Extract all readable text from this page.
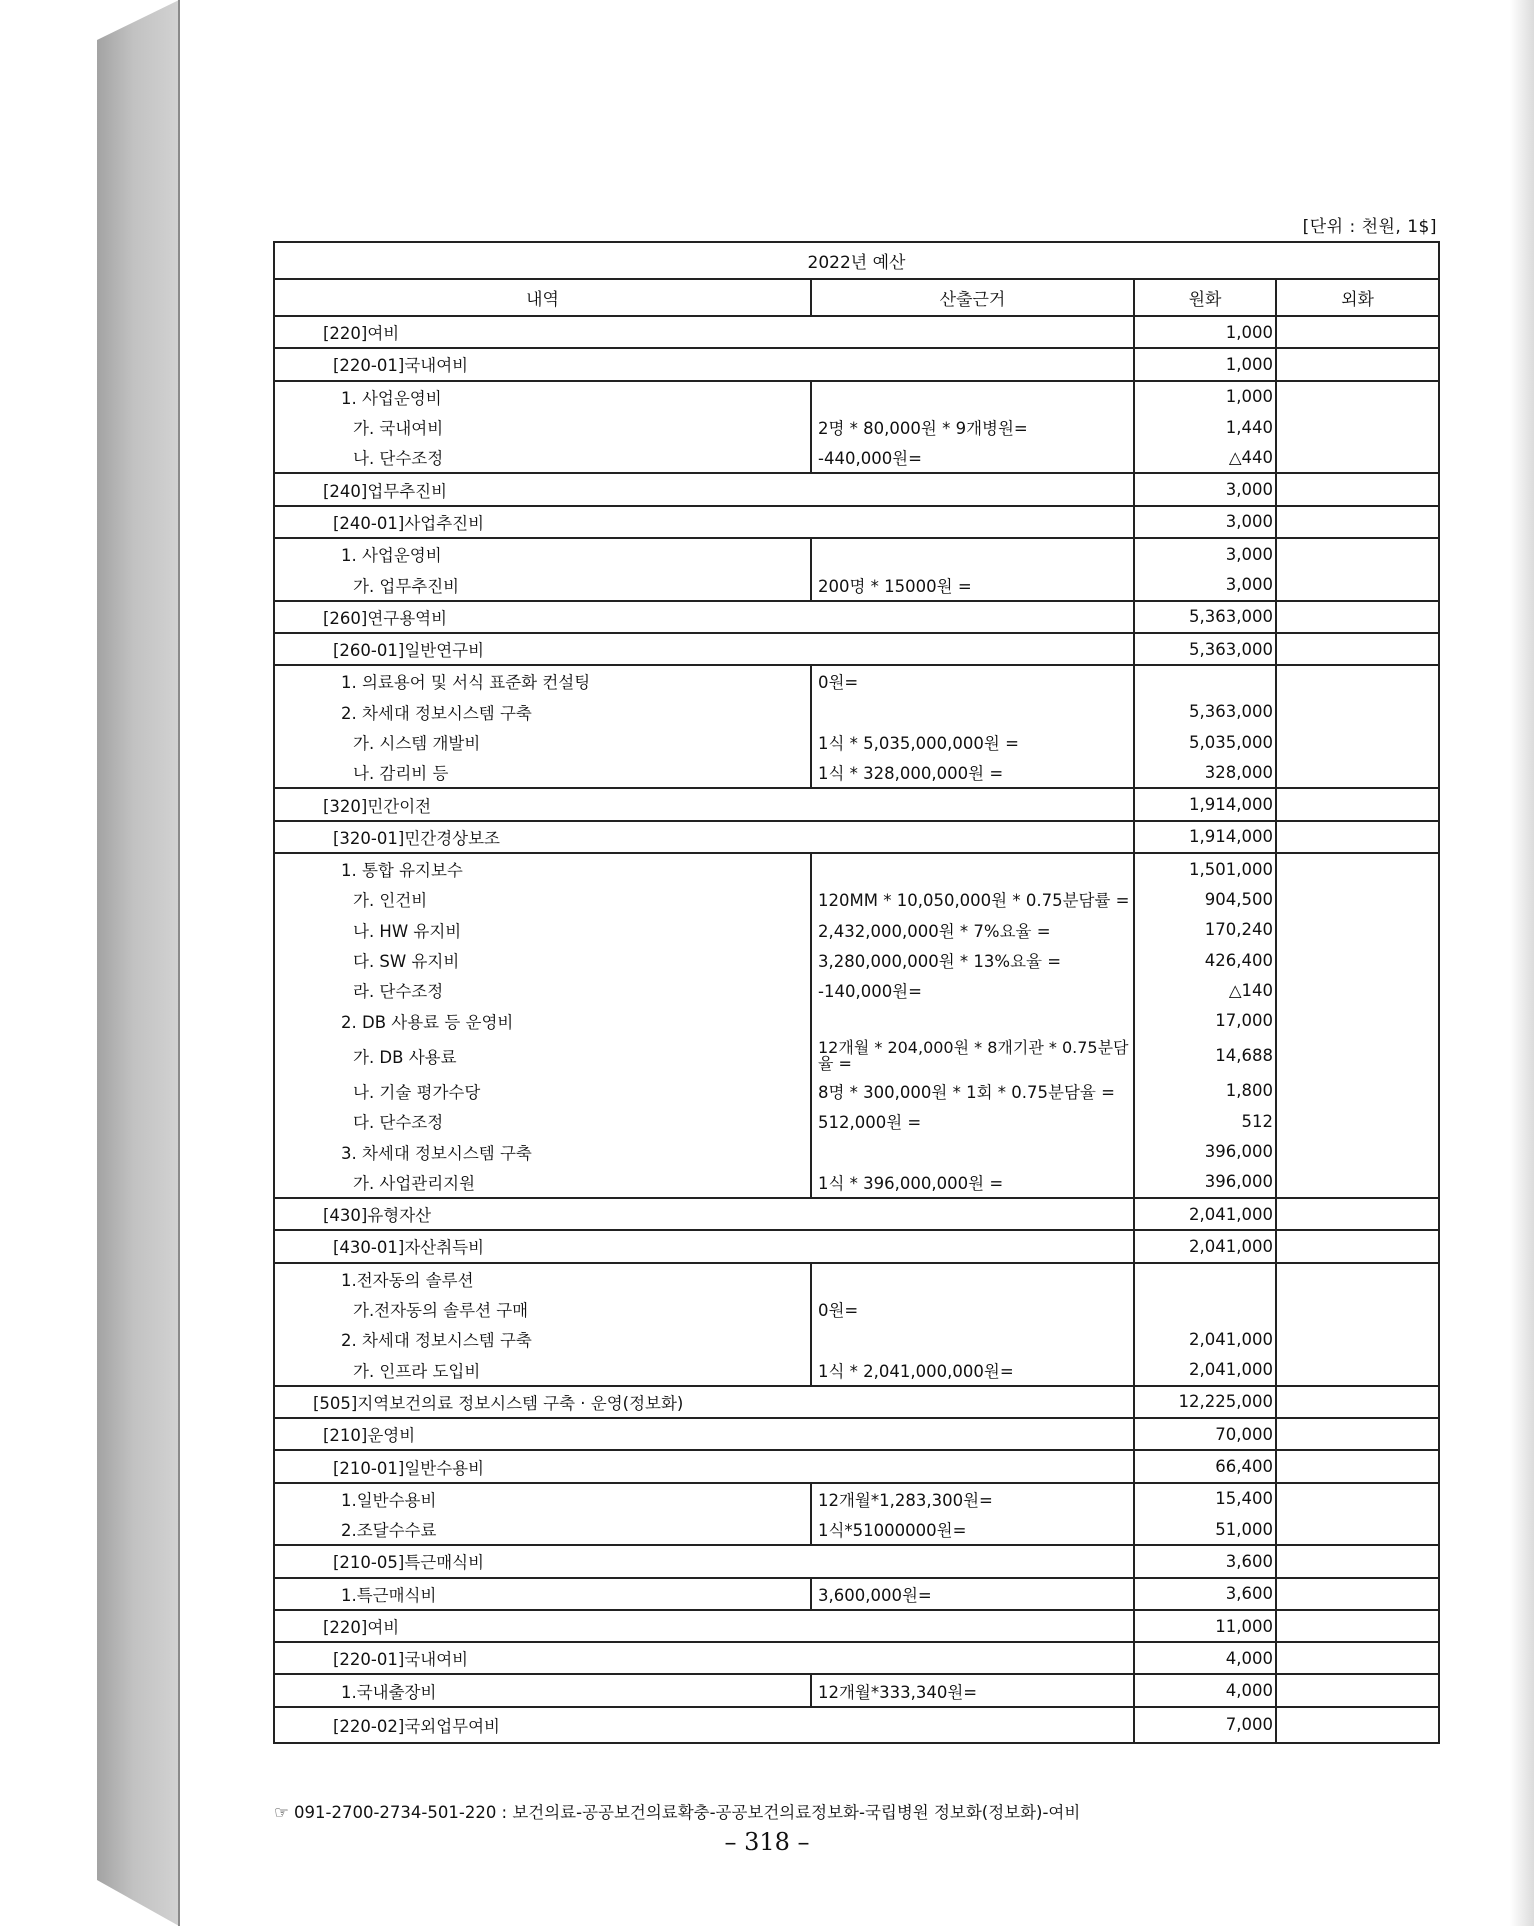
[단위 : 천원, 1$]
2022년 예산			
내역	산출근거	원화	외화
[220]여비		1,000	
[220-01]국내여비		1,000	
1. 사업운영비		1,000	
가. 국내여비	2명 * 80,000원 * 9개병원=	1,440	
나. 단수조정	-440,000원=	△440	
[240]업무추진비		3,000	
[240-01]사업추진비		3,000	
1. 사업운영비		3,000	
가. 업무추진비	200명 * 15000원 =	3,000	
[260]연구용역비		5,363,000	
[260-01]일반연구비		5,363,000	
1. 의료용어 및 서식 표준화 컨설팅	0원=		
2. 차세대 정보시스템 구축		5,363,000	
가. 시스템 개발비	1식 * 5,035,000,000원 =	5,035,000	
나. 감리비 등	1식 * 328,000,000원 =	328,000	
[320]민간이전		1,914,000	
[320-01]민간경상보조		1,914,000	
1. 통합 유지보수		1,501,000	
가. 인건비	120MM * 10,050,000원 * 0.75분담률 =	904,500	
나. HW 유지비	2,432,000,000원 * 7%요율 =	170,240	
다. SW 유지비	3,280,000,000원 * 13%요율 =	426,400	
라. 단수조정	-140,000원=	△140	
2. DB 사용료 등 운영비		17,000	
가. DB 사용료	12개월 * 204,000원 * 8개기관 * 0.75분담율 =	14,688	
나. 기술 평가수당	8명 * 300,000원 * 1회 * 0.75분담율 =	1,800	
다. 단수조정	512,000원 =	512	
3. 차세대 정보시스템 구축		396,000	
가. 사업관리지원	1식 * 396,000,000원 =	396,000	
[430]유형자산		2,041,000	
[430-01]자산취득비		2,041,000	
1.전자동의 솔루션			
가.전자동의 솔루션 구매	0원=		
2. 차세대 정보시스템 구축		2,041,000	
가. 인프라 도입비	1식 * 2,041,000,000원=	2,041,000	
[505]지역보건의료 정보시스템 구축 · 운영(정보화)		12,225,000	
[210]운영비		70,000	
[210-01]일반수용비		66,400	
1.일반수용비	12개월*1,283,300원=	15,400	
2.조달수수료	1식*51000000원=	51,000	
[210-05]특근매식비		3,600	
1.특근매식비	3,600,000원=	3,600	
[220]여비		11,000	
[220-01]국내여비		4,000	
1.국내출장비	12개월*333,340원=	4,000	
[220-02]국외업무여비		7,000	
☞ 091-2700-2734-501-220 : 보건의료-공공보건의료확충-공공보건의료정보화-국립병원 정보화(정보화)-여비
– 318 –
